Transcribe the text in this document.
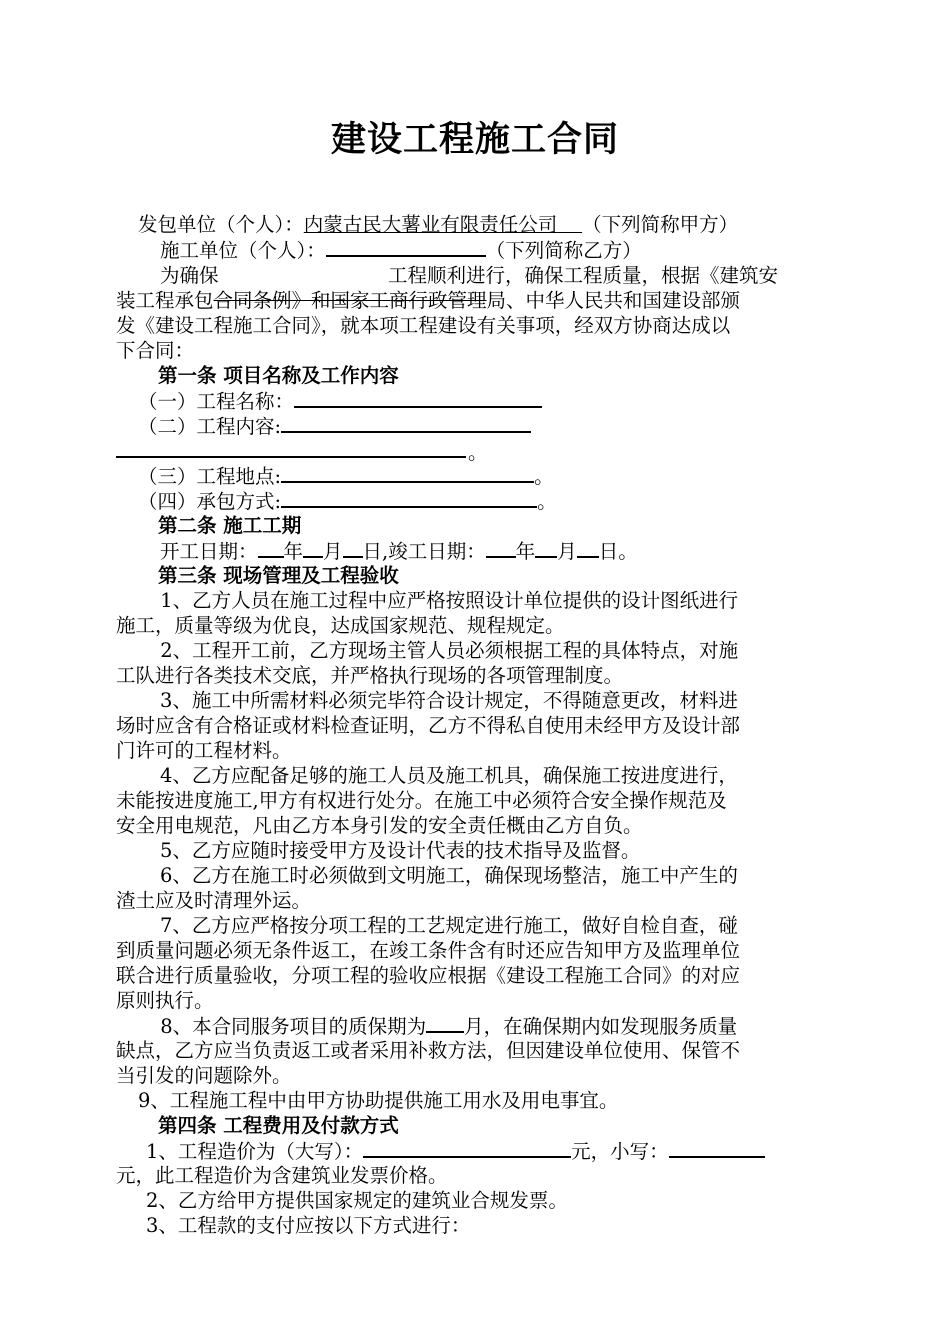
建设工程施工合同
发包单位（个人）：内蒙古民大薯业有限责任公司 （下列简称甲方）
施工单位（个人）：	（下列简称乙方）
为确保	工程顺利进行，确保工程质量，根据《建筑安
装工程承包合同条例》和国家工商行政管理局、中华人民共和国建设部颁
发《建设工程施工合同》，就本项工程建设有关事项，经双方协商达成以
下合同：
第一条 项目名称及工作内容
（一）工程名称：
（二）工程内容:
。
（三）工程地点:	。
（四）承包方式:	。
第二条 施工工期
开工日期： 年 月 日,竣工日期： 年 月 日。
第三条 现场管理及工程验收
1、乙方人员在施工过程中应严格按照设计单位提供的设计图纸进行
施工，质量等级为优良，达成国家规范、规程规定。
2、工程开工前，乙方现场主管人员必须根据工程的具体特点，对施
工队进行各类技术交底，并严格执行现场的各项管理制度。
3、施工中所需材料必须完毕符合设计规定，不得随意更改，材料进
场时应含有合格证或材料检查证明，乙方不得私自使用未经甲方及设计部
门许可的工程材料。
4、乙方应配备足够的施工人员及施工机具，确保施工按进度进行，
未能按进度施工,甲方有权进行处分。在施工中必须符合安全操作规范及
安全用电规范，凡由乙方本身引发的安全责任概由乙方自负。
5、乙方应随时接受甲方及设计代表的技术指导及监督。
6、乙方在施工时必须做到文明施工，确保现场整洁，施工中产生的
渣土应及时清理外运。
7、乙方应严格按分项工程的工艺规定进行施工，做好自检自查，碰
到质量问题必须无条件返工，在竣工条件含有时还应告知甲方及监理单位
联合进行质量验收，分项工程的验收应根据《建设工程施工合同》的对应
原则执行。
8、本合同服务项目的质保期为 月，在确保期内如发现服务质量
缺点，乙方应当负责返工或者采用补救方法，但因建设单位使用、保管不
当引发的问题除外。
9、工程施工程中由甲方协助提供施工用水及用电事宜。
第四条 工程费用及付款方式
1、工程造价为（大写）：	元，小写：
元，此工程造价为含建筑业发票价格。
2、乙方给甲方提供国家规定的建筑业合规发票。
3、工程款的支付应按以下方式进行：
